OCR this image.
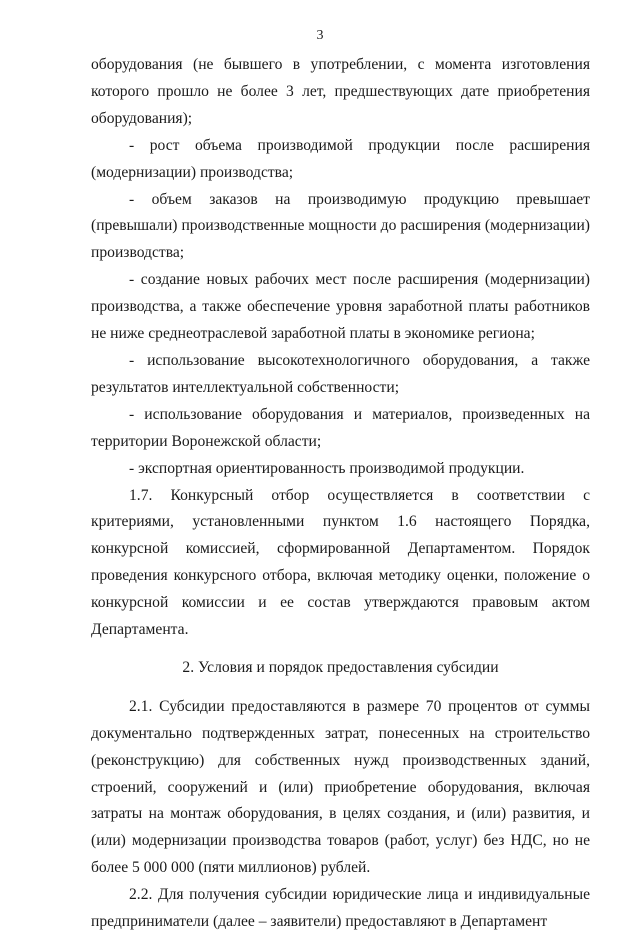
3

оборудования (не бывшего в употреблении, с момента изготовления которого прошло не более 3 лет, предшествующих дате приобретения оборудования);

- рост объема производимой продукции после расширения (модернизации) производства;

- объем заказов на производимую продукцию превышает (превышали) производственные мощности до расширения (модернизации) производства;

- создание новых рабочих мест после расширения (модернизации) производства, а также обеспечение уровня заработной платы работников не ниже среднеотраслевой заработной платы в экономике региона;

- использование высокотехнологичного оборудования, а также результатов интеллектуальной собственности;

- использование оборудования и материалов, произведенных на территории Воронежской области;

- экспортная ориентированность производимой продукции.

1.7. Конкурсный отбор осуществляется в соответствии с критериями, установленными пунктом 1.6 настоящего Порядка, конкурсной комиссией, сформированной Департаментом. Порядок проведения конкурсного отбора, включая методику оценки, положение о конкурсной комиссии и ее состав утверждаются правовым актом Департамента.

2. Условия и порядок предоставления субсидии

2.1. Субсидии предоставляются в размере 70 процентов от суммы документально подтвержденных затрат, понесенных на строительство (реконструкцию) для собственных нужд производственных зданий, строений, сооружений и (или) приобретение оборудования, включая затраты на монтаж оборудования, в целях создания, и (или) развития, и (или) модернизации производства товаров (работ, услуг) без НДС, но не более 5 000 000 (пяти миллионов) рублей.

2.2. Для получения субсидии юридические лица и индивидуальные предприниматели (далее – заявители) предоставляют в Департамент
